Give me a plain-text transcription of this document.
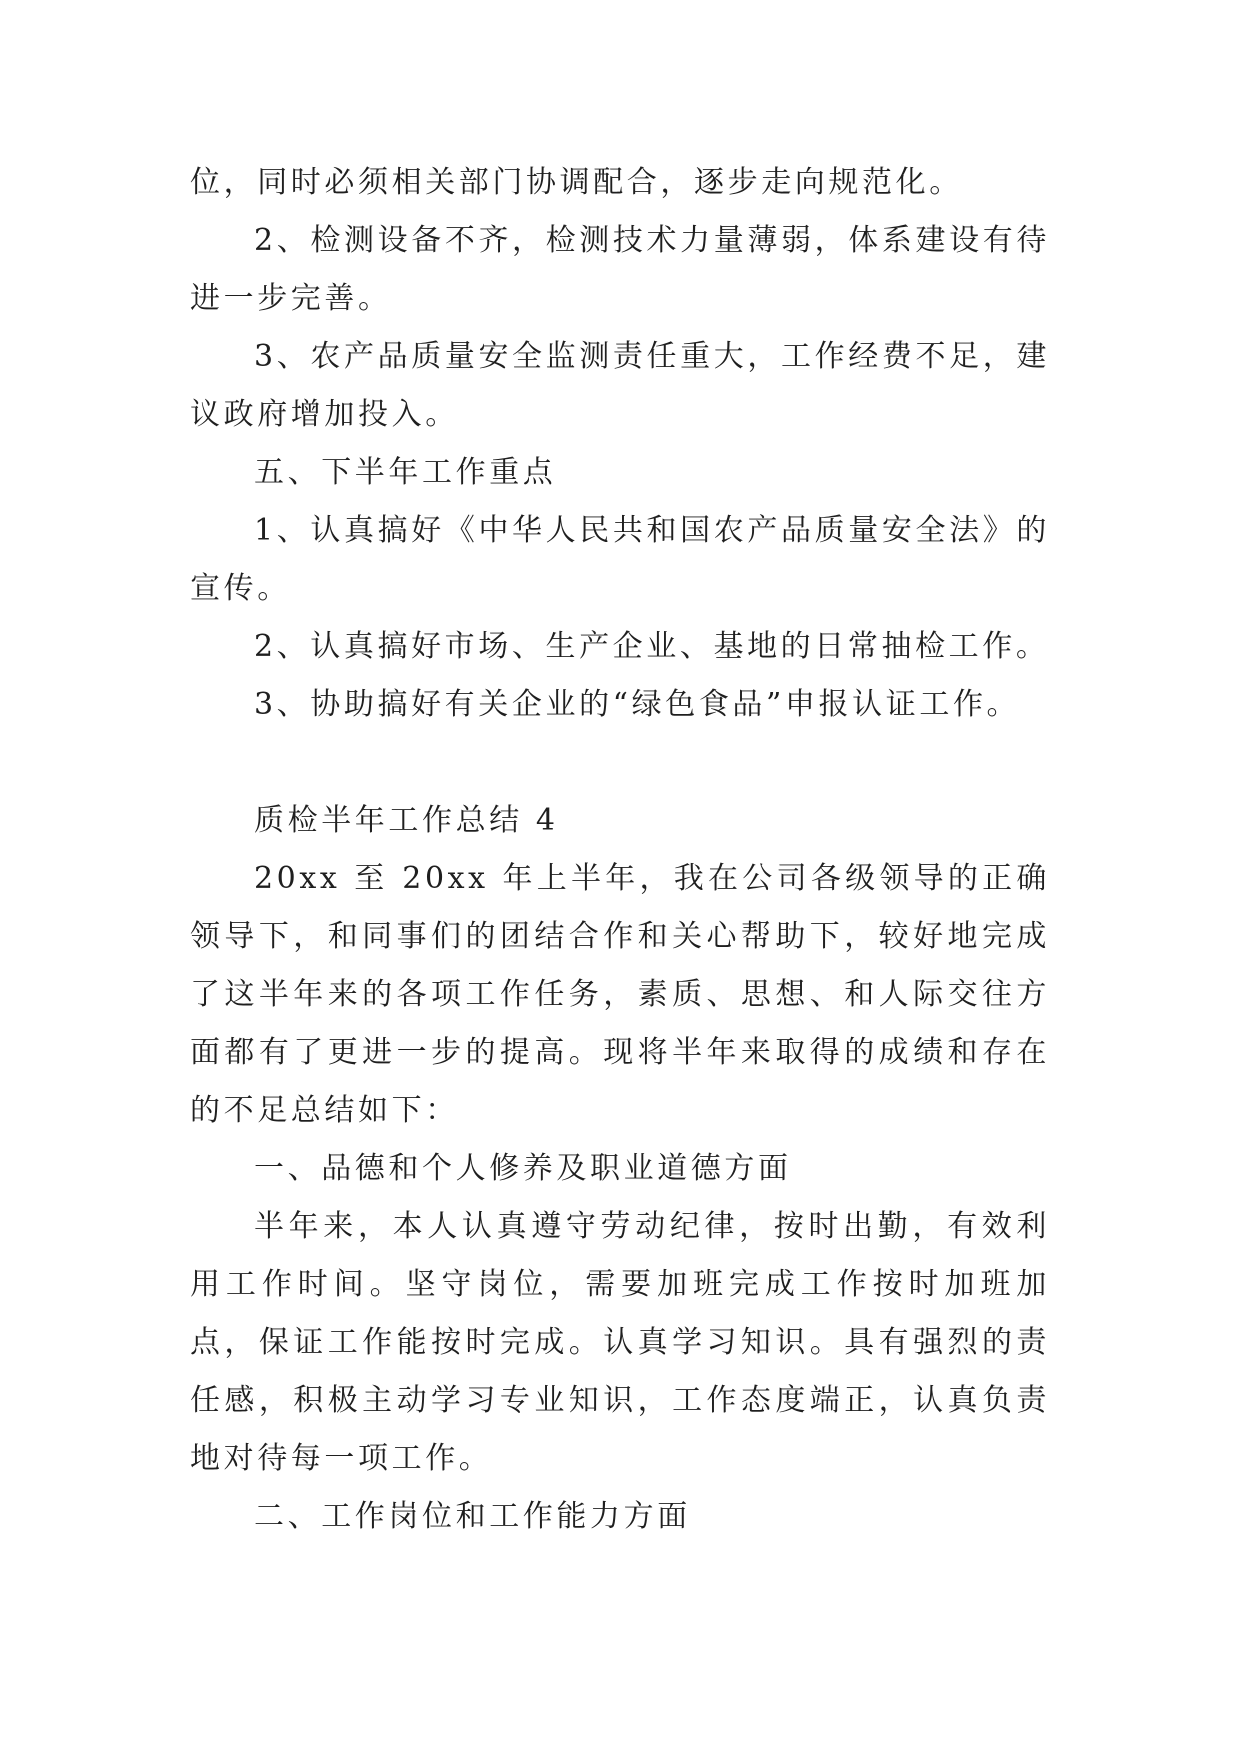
位，同时必须相关部门协调配合，逐步走向规范化。

2、检测设备不齐，检测技术力量薄弱，体系建设有待进一步完善。

3、农产品质量安全监测责任重大，工作经费不足，建议政府增加投入。

五、下半年工作重点

1、认真搞好《中华人民共和国农产品质量安全法》的宣传。

2、认真搞好市场、生产企业、基地的日常抽检工作。

3、协助搞好有关企业的“绿色食品”申报认证工作。

质检半年工作总结 4

20xx 至 20xx 年上半年，我在公司各级领导的正确领导下，和同事们的团结合作和关心帮助下，较好地完成了这半年来的各项工作任务，素质、思想、和人际交往方面都有了更进一步的提高。现将半年来取得的成绩和存在的不足总结如下：

一、品德和个人修养及职业道德方面

半年来，本人认真遵守劳动纪律，按时出勤，有效利用工作时间。坚守岗位，需要加班完成工作按时加班加点，保证工作能按时完成。认真学习知识。具有强烈的责任感，积极主动学习专业知识，工作态度端正，认真负责地对待每一项工作。

二、工作岗位和工作能力方面
